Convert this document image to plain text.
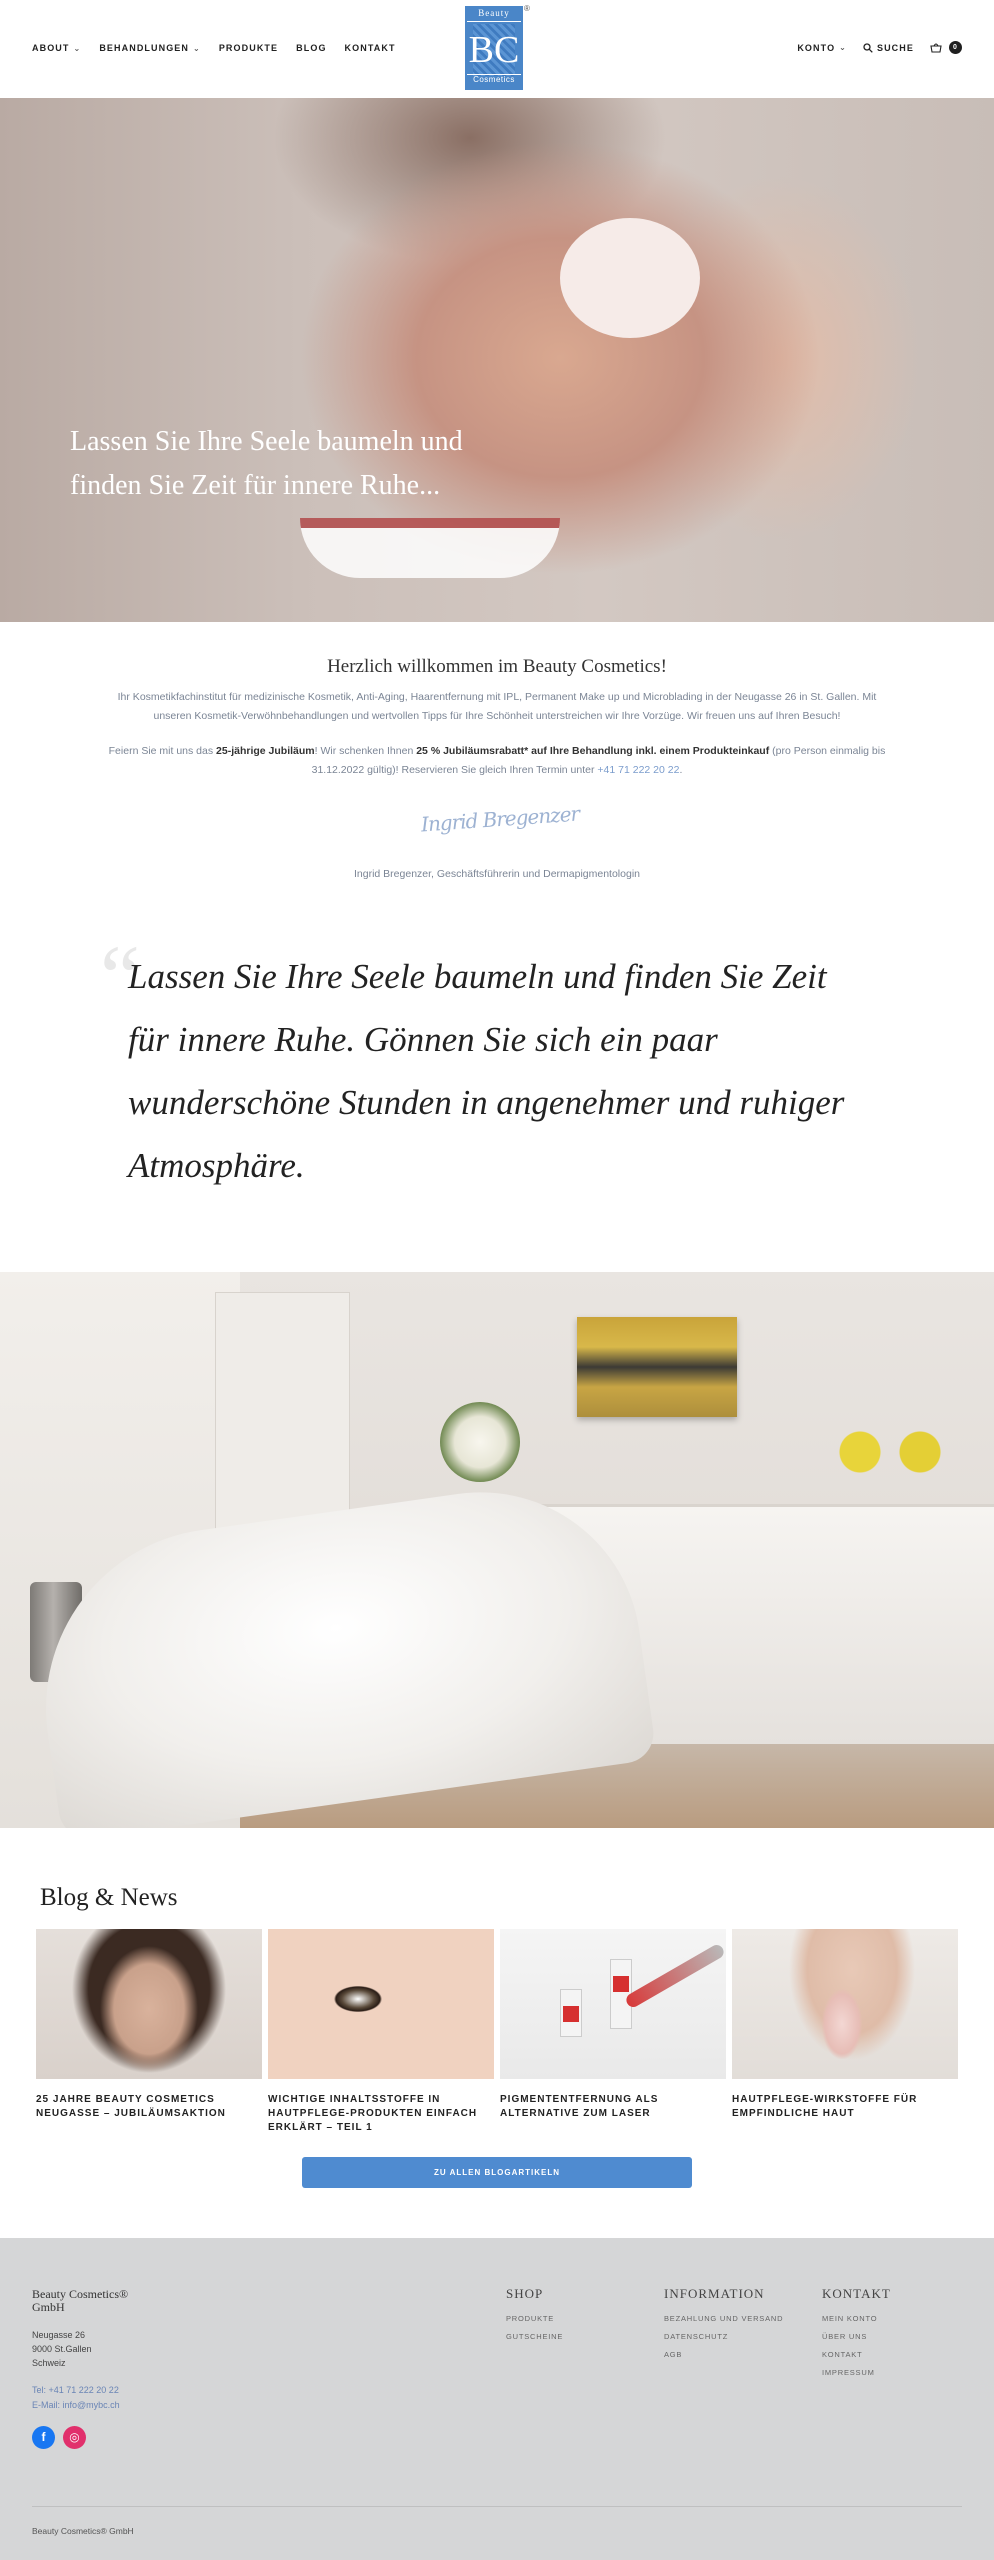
ABOUT ⌄ BEHANDLUNGEN ⌄ PRODUKTE BLOG KONTAKT
Beauty
BC
Cosmetics
®
KONTO ⌄	SUCHE	0
Lassen Sie Ihre Seele baumeln und finden Sie Zeit für innere Ruhe...
Herzlich willkommen im Beauty Cosmetics!

Ihr Kosmetikfachinstitut für medizinische Kosmetik, Anti-Aging, Haarentfernung mit IPL, Permanent Make up und Microblading in der Neugasse 26 in St. Gallen. Mit unseren Kosmetik-Verwöhnbehandlungen und wertvollen Tipps für Ihre Schönheit unterstreichen wir Ihre Vorzüge. Wir freuen uns auf Ihren Besuch!

Feiern Sie mit uns das 25-jährige Jubiläum! Wir schenken Ihnen 25 % Jubiläumsrabatt* auf Ihre Behandlung inkl. einem Produkteinkauf (pro Person einmalig bis 31.12.2022 gültig)! Reservieren Sie gleich Ihren Termin unter +41 71 222 20 22.

Ingrid Bregenzer
Ingrid Bregenzer, Geschäftsführerin und Dermapigmentologin
“
Lassen Sie Ihre Seele baumeln und finden Sie Zeit für innere Ruhe. Gönnen Sie sich ein paar wunderschöne Stunden in angenehmer und ruhiger Atmosphäre.
Blog & News
25 JAHRE BEAUTY COSMETICS NEUGASSE – JUBILÄUMSAKTION
WICHTIGE INHALTSSTOFFE IN HAUTPFLEGE-PRODUKTEN EINFACH ERKLÄRT – TEIL 1
PIGMENTENTFERNUNG ALS ALTERNATIVE ZUM LASER
HAUTPFLEGE-WIRKSTOFFE FÜR EMPFINDLICHE HAUT
ZU ALLEN BLOGARTIKELN
Beauty Cosmetics® GmbH
Neugasse 26
9000 St.Gallen
Schweiz
Tel: +41 71 222 20 22
E-Mail: info@mybc.ch
f	◎
SHOP
PRODUKTE
GUTSCHEINE
INFORMATION
BEZAHLUNG UND VERSAND
DATENSCHUTZ
AGB
KONTAKT
MEIN KONTO
ÜBER UNS
KONTAKT
IMPRESSUM
Beauty Cosmetics® GmbH
